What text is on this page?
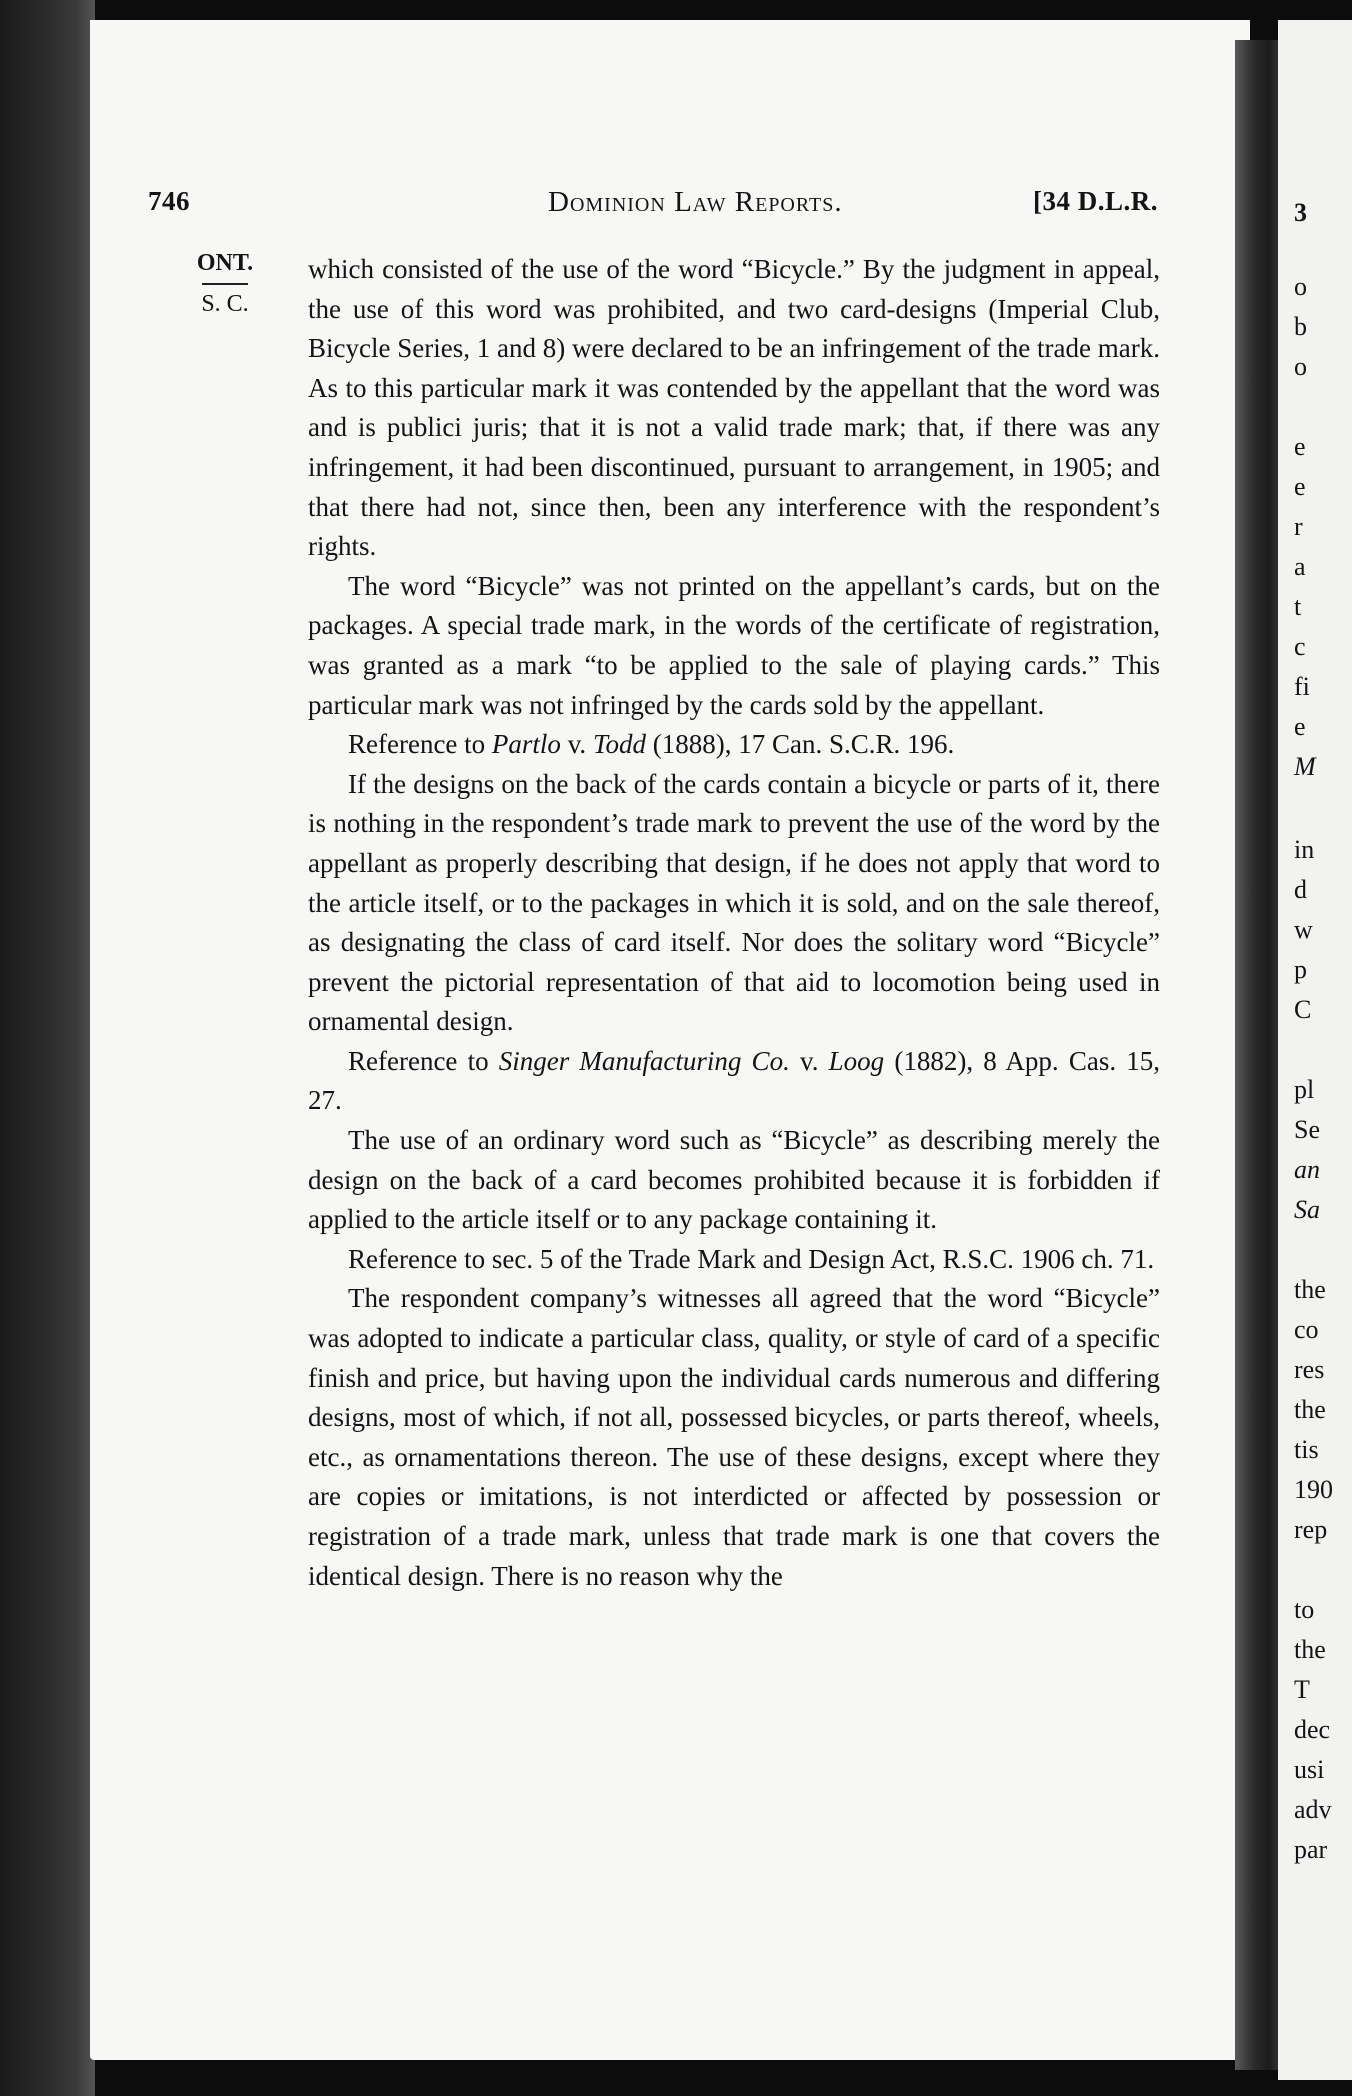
3
o
b
o
e
e
r
a
t
c
fi
e
M
in
d
w
p
C
pl
Se
an
Sa
the
co
res
the
tis
190
rep
to
the
T
dec
usi
adv
par
746	Dominion Law Reports.	[34 D.L.R.
ONT.
S. C.

which consisted of the use of the word “Bicycle.” By the judgment in appeal, the use of this word was prohibited, and two card-designs (Imperial Club, Bicycle Series, 1 and 8) were declared to be an infringement of the trade mark. As to this particular mark it was contended by the appellant that the word was and is publici juris; that it is not a valid trade mark; that, if there was any infringement, it had been discontinued, pursuant to arrangement, in 1905; and that there had not, since then, been any interference with the respondent’s rights.

The word “Bicycle” was not printed on the appellant’s cards, but on the packages. A special trade mark, in the words of the certificate of registration, was granted as a mark “to be applied to the sale of playing cards.” This particular mark was not infringed by the cards sold by the appellant.

Reference to Partlo v. Todd (1888), 17 Can. S.C.R. 196.

If the designs on the back of the cards contain a bicycle or parts of it, there is nothing in the respondent’s trade mark to prevent the use of the word by the appellant as properly describing that design, if he does not apply that word to the article itself, or to the packages in which it is sold, and on the sale thereof, as designating the class of card itself. Nor does the solitary word “Bicycle” prevent the pictorial representation of that aid to locomotion being used in ornamental design.

Reference to Singer Manufacturing Co. v. Loog (1882), 8 App. Cas. 15, 27.

The use of an ordinary word such as “Bicycle” as describing merely the design on the back of a card becomes prohibited because it is forbidden if applied to the article itself or to any package containing it.

Reference to sec. 5 of the Trade Mark and Design Act, R.S.C. 1906 ch. 71.

The respondent company’s witnesses all agreed that the word “Bicycle” was adopted to indicate a particular class, quality, or style of card of a specific finish and price, but having upon the individual cards numerous and differing designs, most of which, if not all, possessed bicycles, or parts thereof, wheels, etc., as ornamentations thereon. The use of these designs, except where they are copies or imitations, is not interdicted or affected by possession or registration of a trade mark, unless that trade mark is one that covers the identical design. There is no reason why the
